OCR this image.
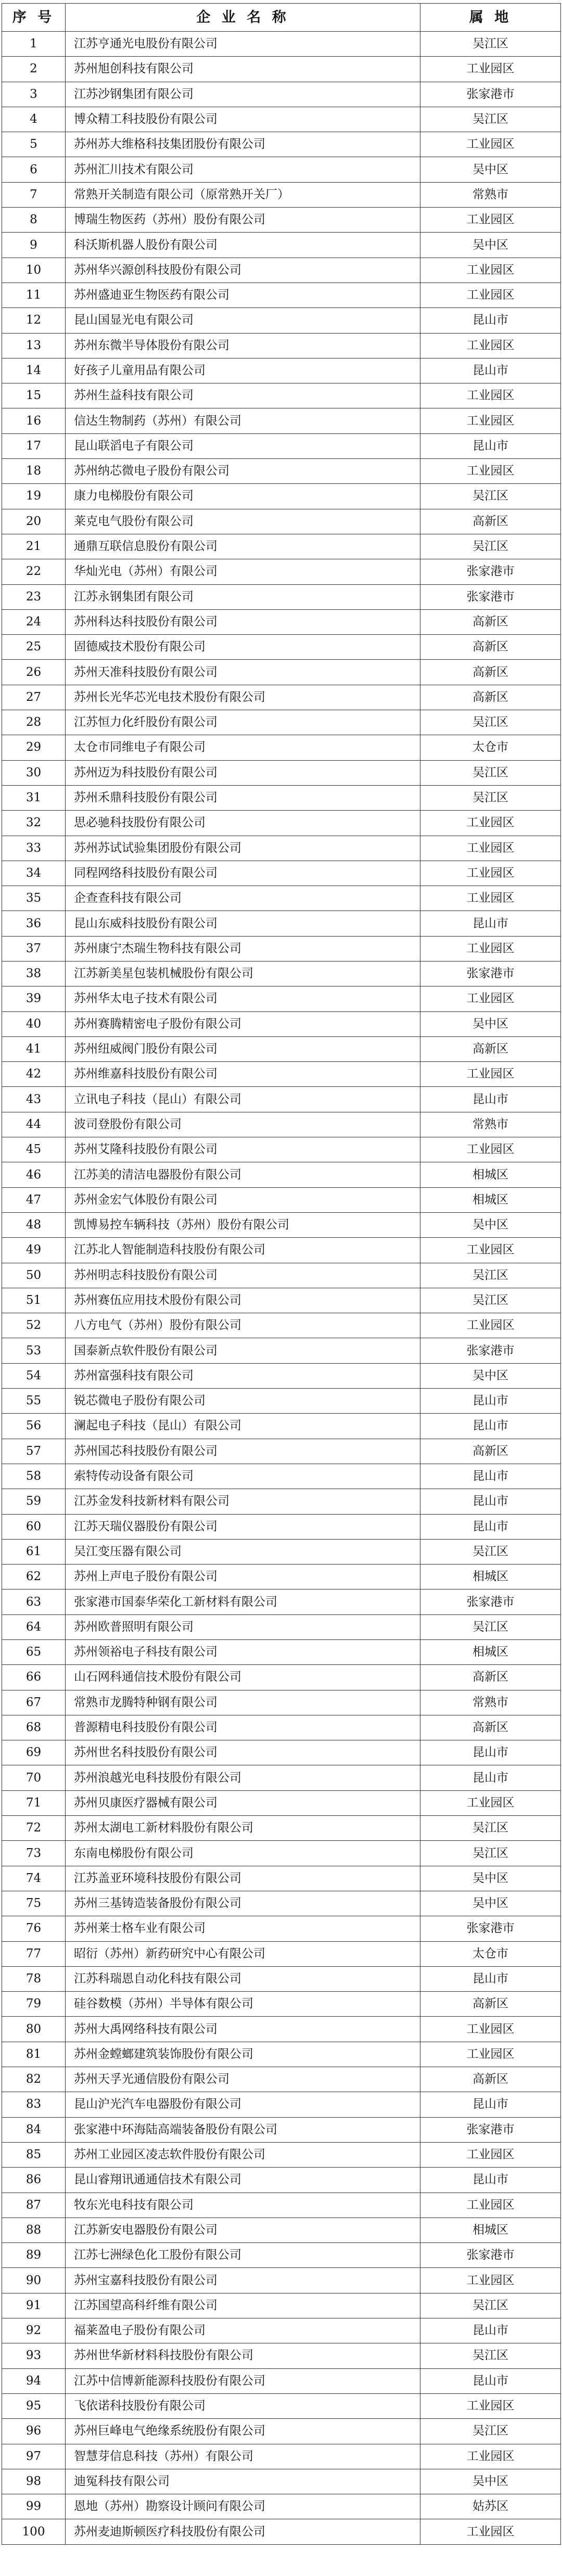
序 号	企 业 名 称	属 地
1	江苏亨通光电股份有限公司	吴江区
2	苏州旭创科技有限公司	工业园区
3	江苏沙钢集团有限公司	张家港市
4	博众精工科技股份有限公司	吴江区
5	苏州苏大维格科技集团股份有限公司	工业园区
6	苏州汇川技术有限公司	吴中区
7	常熟开关制造有限公司（原常熟开关厂）	常熟市
8	博瑞生物医药（苏州）股份有限公司	工业园区
9	科沃斯机器人股份有限公司	吴中区
10	苏州华兴源创科技股份有限公司	工业园区
11	苏州盛迪亚生物医药有限公司	工业园区
12	昆山国显光电有限公司	昆山市
13	苏州东微半导体股份有限公司	工业园区
14	好孩子儿童用品有限公司	昆山市
15	苏州生益科技有限公司	工业园区
16	信达生物制药（苏州）有限公司	工业园区
17	昆山联滔电子有限公司	昆山市
18	苏州纳芯微电子股份有限公司	工业园区
19	康力电梯股份有限公司	吴江区
20	莱克电气股份有限公司	高新区
21	通鼎互联信息股份有限公司	吴江区
22	华灿光电（苏州）有限公司	张家港市
23	江苏永钢集团有限公司	张家港市
24	苏州科达科技股份有限公司	高新区
25	固德威技术股份有限公司	高新区
26	苏州天准科技股份有限公司	高新区
27	苏州长光华芯光电技术股份有限公司	高新区
28	江苏恒力化纤股份有限公司	吴江区
29	太仓市同维电子有限公司	太仓市
30	苏州迈为科技股份有限公司	吴江区
31	苏州禾鼎科技股份有限公司	吴江区
32	思必驰科技股份有限公司	工业园区
33	苏州苏试试验集团股份有限公司	工业园区
34	同程网络科技股份有限公司	工业园区
35	企查查科技有限公司	工业园区
36	昆山东威科技股份有限公司	昆山市
37	苏州康宁杰瑞生物科技有限公司	工业园区
38	江苏新美星包装机械股份有限公司	张家港市
39	苏州华太电子技术有限公司	工业园区
40	苏州赛腾精密电子股份有限公司	吴中区
41	苏州纽威阀门股份有限公司	高新区
42	苏州维嘉科技股份有限公司	工业园区
43	立讯电子科技（昆山）有限公司	昆山市
44	波司登股份有限公司	常熟市
45	苏州艾隆科技股份有限公司	工业园区
46	江苏美的清洁电器股份有限公司	相城区
47	苏州金宏气体股份有限公司	相城区
48	凯博易控车辆科技（苏州）股份有限公司	吴中区
49	江苏北人智能制造科技股份有限公司	工业园区
50	苏州明志科技股份有限公司	吴江区
51	苏州赛伍应用技术股份有限公司	吴江区
52	八方电气（苏州）股份有限公司	工业园区
53	国泰新点软件股份有限公司	张家港市
54	苏州富强科技有限公司	吴中区
55	锐芯微电子股份有限公司	昆山市
56	澜起电子科技（昆山）有限公司	昆山市
57	苏州国芯科技股份有限公司	高新区
58	索特传动设备有限公司	昆山市
59	江苏金发科技新材料有限公司	昆山市
60	江苏天瑞仪器股份有限公司	昆山市
61	吴江变压器有限公司	吴江区
62	苏州上声电子股份有限公司	相城区
63	张家港市国泰华荣化工新材料有限公司	张家港市
64	苏州欧普照明有限公司	吴江区
65	苏州领裕电子科技有限公司	相城区
66	山石网科通信技术股份有限公司	高新区
67	常熟市龙腾特种钢有限公司	常熟市
68	普源精电科技股份有限公司	高新区
69	苏州世名科技股份有限公司	昆山市
70	苏州浪越光电科技股份有限公司	昆山市
71	苏州贝康医疗器械有限公司	工业园区
72	苏州太湖电工新材料股份有限公司	吴江区
73	东南电梯股份有限公司	吴江区
74	江苏盖亚环境科技股份有限公司	吴中区
75	苏州三基铸造装备股份有限公司	吴中区
76	苏州莱士格车业有限公司	张家港市
77	昭衍（苏州）新药研究中心有限公司	太仓市
78	江苏科瑞恩自动化科技有限公司	昆山市
79	硅谷数模（苏州）半导体有限公司	高新区
80	苏州大禹网络科技有限公司	工业园区
81	苏州金螳螂建筑装饰股份有限公司	工业园区
82	苏州天孚光通信股份有限公司	高新区
83	昆山沪光汽车电器股份有限公司	昆山市
84	张家港中环海陆高端装备股份有限公司	张家港市
85	苏州工业园区凌志软件股份有限公司	工业园区
86	昆山睿翔讯通通信技术有限公司	昆山市
87	牧东光电科技有限公司	工业园区
88	江苏新安电器股份有限公司	相城区
89	江苏七洲绿色化工股份有限公司	张家港市
90	苏州宝嘉科技股份有限公司	工业园区
91	江苏国望高科纤维有限公司	吴江区
92	福莱盈电子股份有限公司	昆山市
93	苏州世华新材料科技股份有限公司	吴江区
94	江苏中信博新能源科技股份有限公司	昆山市
95	飞依诺科技股份有限公司	工业园区
96	苏州巨峰电气绝缘系统股份有限公司	吴江区
97	智慧芽信息科技（苏州）有限公司	工业园区
98	迪冤科技有限公司	吴中区
99	恩地（苏州）勘察设计顾问有限公司	姑苏区
100	苏州麦迪斯顿医疗科技股份有限公司	工业园区
